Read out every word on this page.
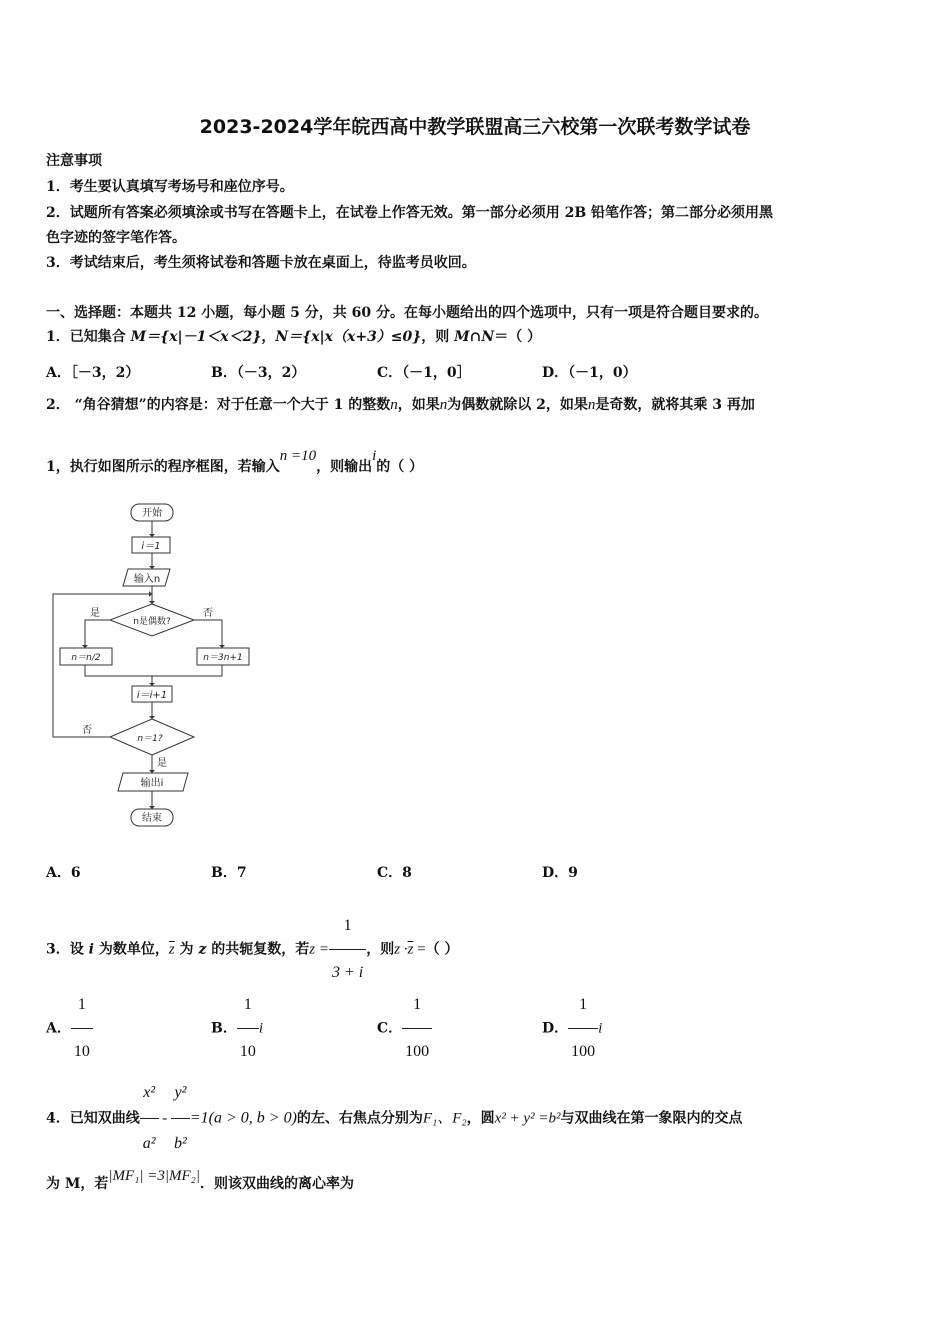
2023-2024学年皖西高中教学联盟高三六校第一次联考数学试卷
注意事项
1．考生要认真填写考场号和座位序号。
2．试题所有答案必须填涂或书写在答题卡上，在试卷上作答无效。第一部分必须用 2B 铅笔作答；第二部分必须用黑
色字迹的签字笔作答。
3．考试结束后，考生须将试卷和答题卡放在桌面上，待监考员收回。
一、选择题：本题共 12 小题，每小题 5 分，共 60 分。在每小题给出的四个选项中，只有一项是符合题目要求的。
1．已知集合 M＝{x|－1＜x＜2}，N＝{x|x（x+3）≤0}，则 M∩N＝（ ）
A．［－3，2）	B．（－3，2）	C．（－1，0］	D．（－1，0）
2． “角谷猜想”的内容是：对于任意一个大于 1 的整数n，如果n为偶数就除以 2，如果n是奇数，就将其乘 3 再加
1，执行如图所示的程序框图，若输入n =10，则输出i的（ ）
开始
i＝1
输入n
n是偶数?
是	否
n＝n/2	n＝3n+1
i＝i+1
n＝1?
否
是
输出i
结束
A．6	B．7	C．8	D．9
3．设 i 为数单位，$\overline{z}$ 为 z 的共轭复数，若$z = \frac{1}{3 + i}$ ，则$z \cdot\overline{z}$ =（ ）
A． $\frac{1}{10}$	B． $\frac{1}{10}$ i	C． $\frac{1}{100}$	D． $\frac{1}{100}$ i
4．已知双曲线 $\frac{\text{x²}}{\text{a²}} - \frac{\text{y²}}{\text{b²}} =1(a > 0$, b > 0)的左、右焦点分别为F₁、F₂，圆x² + y² =b²与双曲线在第一象限内的交点
为 M，若|MF₁| =3|MF₂|．则该双曲线的离心率为
